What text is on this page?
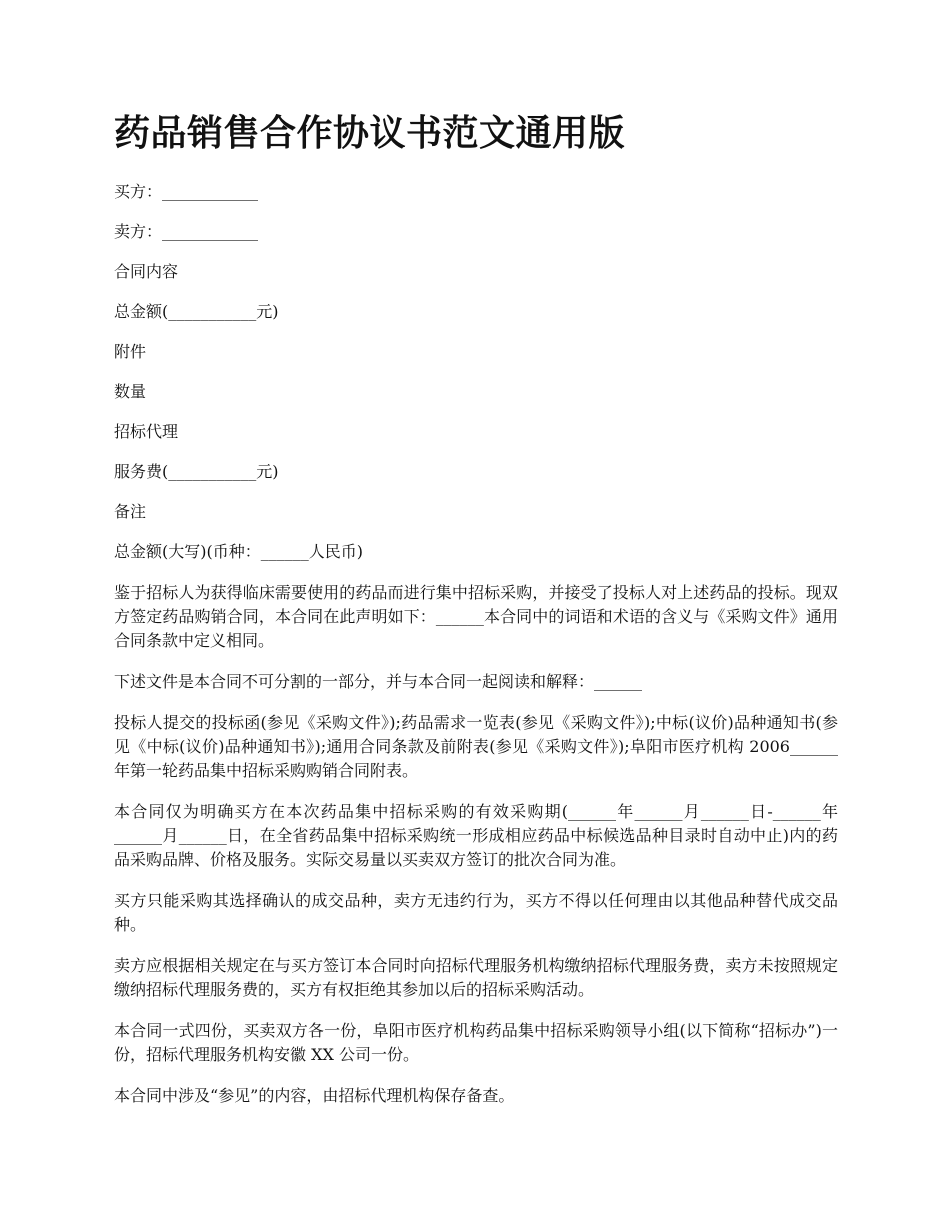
药品销售合作协议书范文通用版

买方：____________

卖方：____________

合同内容

总金额(___________元)

附件

数量

招标代理

服务费(___________元)

备注

总金额(大写)(币种：______人民币)

鉴于招标人为获得临床需要使用的药品而进行集中招标采购，并接受了投标人对上述药品的投标。现双方签定药品购销合同，本合同在此声明如下：______本合同中的词语和术语的含义与《采购文件》通用合同条款中定义相同。

下述文件是本合同不可分割的一部分，并与本合同一起阅读和解释：______

投标人提交的投标函(参见《采购文件》);药品需求一览表(参见《采购文件》);中标(议价)品种通知书(参见《中标(议价)品种通知书》);通用合同条款及前附表(参见《采购文件》);阜阳市医疗机构 2006______年第一轮药品集中招标采购购销合同附表。

本合同仅为明确买方在本次药品集中招标采购的有效采购期(______年______月______日-______年______月______日，在全省药品集中招标采购统一形成相应药品中标候选品种目录时自动中止)内的药品采购品牌、价格及服务。实际交易量以买卖双方签订的批次合同为准。

买方只能采购其选择确认的成交品种，卖方无违约行为，买方不得以任何理由以其他品种替代成交品种。

卖方应根据相关规定在与买方签订本合同时向招标代理服务机构缴纳招标代理服务费，卖方未按照规定缴纳招标代理服务费的，买方有权拒绝其参加以后的招标采购活动。

本合同一式四份，买卖双方各一份，阜阳市医疗机构药品集中招标采购领导小组(以下简称“招标办”)一份，招标代理服务机构安徽 XX 公司一份。

本合同中涉及“参见”的内容，由招标代理机构保存备查。
